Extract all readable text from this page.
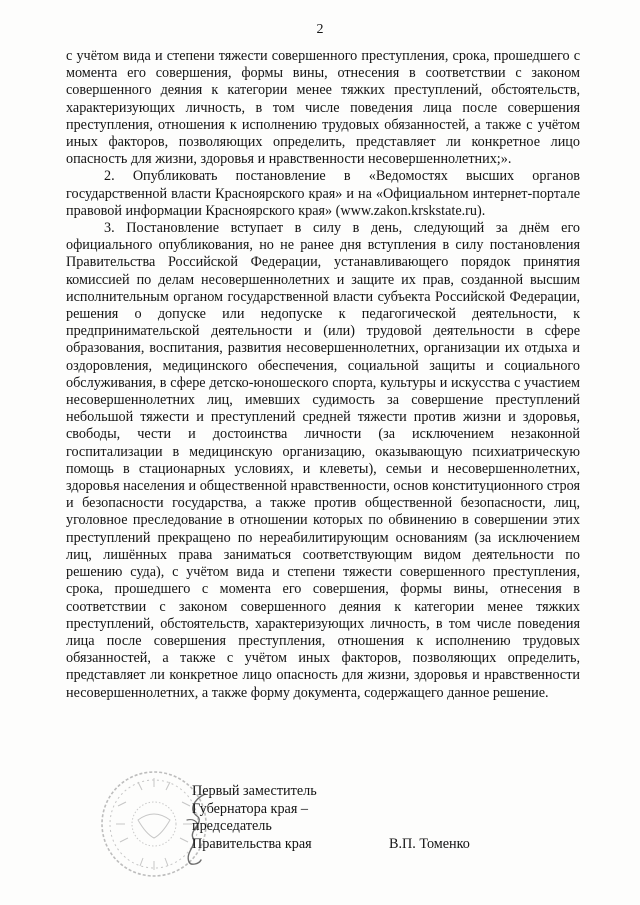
2

с учётом вида и степени тяжести совершенного преступления, срока, прошедшего с момента его совершения, формы вины, отнесения в соответствии с законом совершенного деяния к категории менее тяжких преступлений, обстоятельств, характеризующих личность, в том числе поведения лица после совершения преступления, отношения к исполнению трудовых обязанностей, а также с учётом иных факторов, позволяющих определить, представляет ли конкретное лицо опасность для жизни, здоровья и нравственности несовершеннолетних;».

2. Опубликовать постановление в «Ведомостях высших органов государственной власти Красноярского края» и на «Официальном интернет-портале правовой информации Красноярского края» (www.zakon.krskstate.ru).

3. Постановление вступает в силу в день, следующий за днём его официального опубликования, но не ранее дня вступления в силу постановления Правительства Российской Федерации, устанавливающего порядок принятия комиссией по делам несовершеннолетних и защите их прав, созданной высшим исполнительным органом государственной власти субъекта Российской Федерации, решения о допуске или недопуске к педагогической деятельности, к предпринимательской деятельности и (или) трудовой деятельности в сфере образования, воспитания, развития несовершеннолетних, организации их отдыха и оздоровления, медицинского обеспечения, социальной защиты и социального обслуживания, в сфере детско-юношеского спорта, культуры и искусства с участием несовершеннолетних лиц, имевших судимость за совершение преступлений небольшой тяжести и преступлений средней тяжести против жизни и здоровья, свободы, чести и достоинства личности (за исключением незаконной госпитализации в медицинскую организацию, оказывающую психиатрическую помощь в стационарных условиях, и клеветы), семьи и несовершеннолетних, здоровья населения и общественной нравственности, основ конституционного строя и безопасности государства, а также против общественной безопасности, лиц, уголовное преследование в отношении которых по обвинению в совершении этих преступлений прекращено по нереабилитирующим основаниям (за исключением лиц, лишённых права заниматься соответствующим видом деятельности по решению суда), с учётом вида и степени тяжести совершенного преступления, срока, прошедшего с момента его совершения, формы вины, отнесения в соответствии с законом совершенного деяния к категории менее тяжких преступлений, обстоятельств, характеризующих личность, в том числе поведения лица после совершения преступления, отношения к исполнению трудовых обязанностей, а также с учётом иных факторов, позволяющих определить, представляет ли конкретное лицо опасность для жизни, здоровья и нравственности несовершеннолетних, а также форму документа, содержащего данное решение.

Первый заместитель
Губернатора края –
председатель
Правительства края	В.П. Томенко
